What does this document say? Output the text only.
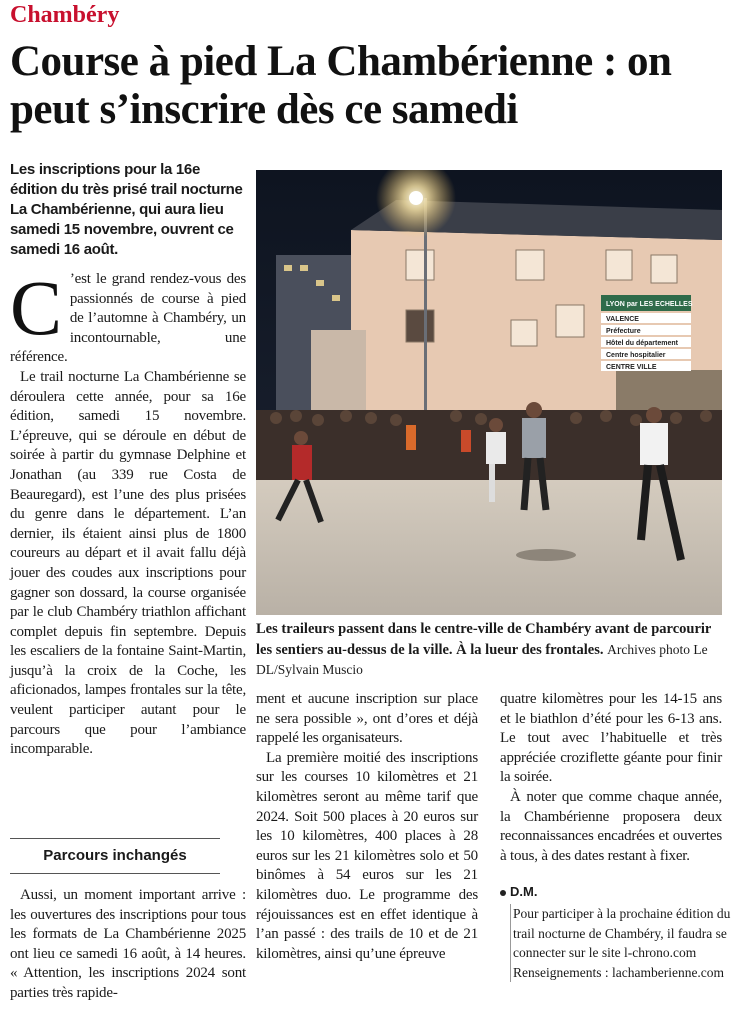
Chambéry
Course à pied La Chambérienne : on peut s’inscrire dès ce samedi
Les inscriptions pour la 16e édition du très prisé trail nocturne La Chambérienne, qui aura lieu samedi 15 novembre, ouvrent ce samedi 16 août.

C ’est le grand rendez-vous des passionnés de course à pied de l’automne à Chambéry, un incontournable, une référence.

Le trail nocturne La Chambérienne se déroulera cette année, pour sa 16e édition, samedi 15 novembre. L’épreuve, qui se déroule en début de soirée à partir du gymnase Delphine et Jonathan (au 339 rue Costa de Beauregard), est l’une des plus prisées du genre dans le département. L’an dernier, ils étaient ainsi plus de 1800 coureurs au départ et il avait fallu déjà jouer des coudes aux inscriptions pour gagner son dossard, la course organisée par le club Chambéry triathlon affichant complet depuis fin septembre. Depuis les escaliers de la fontaine Saint-Martin, jusqu’à la croix de la Coche, les aficionados, lampes frontales sur la tête, veulent participer autant pour le parcours que pour l’ambiance incomparable.

Parcours inchangés

Aussi, un moment important arrive : les ouvertures des inscriptions pour tous les formats de La Chambérienne 2025 ont lieu ce samedi 16 août, à 14 heures. « Attention, les inscriptions 2024 sont parties très rapide-

LYON par LES ECHELLES
VALENCE
Préfecture
Hôtel du département
Centre hospitalier
CENTRE VILLE
Les traileurs passent dans le centre-ville de Chambéry avant de parcourir les sentiers au-dessus de la ville. À la lueur des frontales. Archives photo Le DL/Sylvain Muscio

ment et aucune inscription sur place ne sera possible », ont d’ores et déjà rappelé les organisateurs.

La première moitié des inscriptions sur les courses 10 kilomètres et 21 kilomètres seront au même tarif que 2024. Soit 500 places à 20 euros sur les 10 kilomètres, 400 places à 28 euros sur les 21 kilomètres solo et 50 binômes à 54 euros sur les 21 kilomètres duo. Le programme des réjouissances est en effet identique à l’an passé : des trails de 10 et de 21 kilomètres, ainsi qu’une épreuve

quatre kilomètres pour les 14-15 ans et le biathlon d’été pour les 6-13 ans. Le tout avec l’habituelle et très appréciée croziflette géante pour finir la soirée.

À noter que comme chaque année, la Chambérienne proposera deux reconnaissances encadrées et ouvertes à tous, à des dates restant à fixer.

D.M.
Pour participer à la prochaine édition du trail nocturne de Chambéry, il faudra se connecter sur le site l-chrono.com Renseignements : lachamberienne.com
